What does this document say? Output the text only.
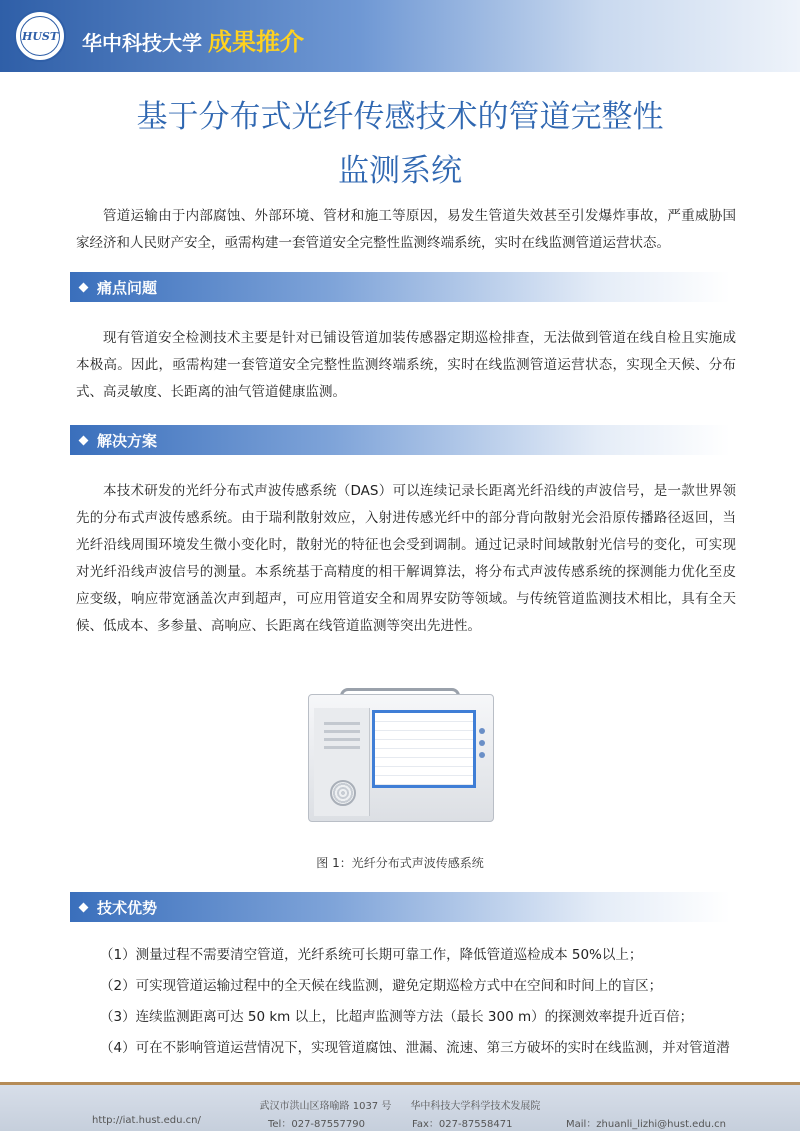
HUST 华中科技大学 成果推介
基于分布式光纤传感技术的管道完整性
监测系统

管道运输由于内部腐蚀、外部环境、管材和施工等原因，易发生管道失效甚至引发爆炸事故，严重威胁国家经济和人民财产安全，亟需构建一套管道安全完整性监测终端系统，实时在线监测管道运营状态。

痛点问题

现有管道安全检测技术主要是针对已铺设管道加装传感器定期巡检排查，无法做到管道在线自检且实施成本极高。因此，亟需构建一套管道安全完整性监测终端系统，实时在线监测管道运营状态，实现全天候、分布式、高灵敏度、长距离的油气管道健康监测。

解决方案

本技术研发的光纤分布式声波传感系统（DAS）可以连续记录长距离光纤沿线的声波信号，是一款世界领先的分布式声波传感系统。由于瑞利散射效应，入射进传感光纤中的部分背向散射光会沿原传播路径返回，当光纤沿线周围环境发生微小变化时，散射光的特征也会受到调制。通过记录时间域散射光信号的变化，可实现对光纤沿线声波信号的测量。本系统基于高精度的相干解调算法，将分布式声波传感系统的探测能力优化至皮应变级，响应带宽涵盖次声到超声，可应用管道安全和周界安防等领域。与传统管道监测技术相比，具有全天候、低成本、多参量、高响应、长距离在线管道监测等突出先进性。

图 1：光纤分布式声波传感系统
技术优势
（1）测量过程不需要清空管道，光纤系统可长期可靠工作，降低管道巡检成本 50%以上；
（2）可实现管道运输过程中的全天候在线监测，避免定期巡检方式中在空间和时间上的盲区；
（3）连续监测距离可达 50 km 以上，比超声监测等方法（最长 300 m）的探测效率提升近百倍；
（4）可在不影响管道运营情况下，实现管道腐蚀、泄漏、流速、第三方破坏的实时在线监测，并对管道潜
武汉市洪山区珞喻路 1037 号 华中科技大学科学技术发展院
http://iat.hust.edu.cn/	Tel：027-87557790	Fax：027-87558471	Mail：zhuanli_lizhi@hust.edu.cn
